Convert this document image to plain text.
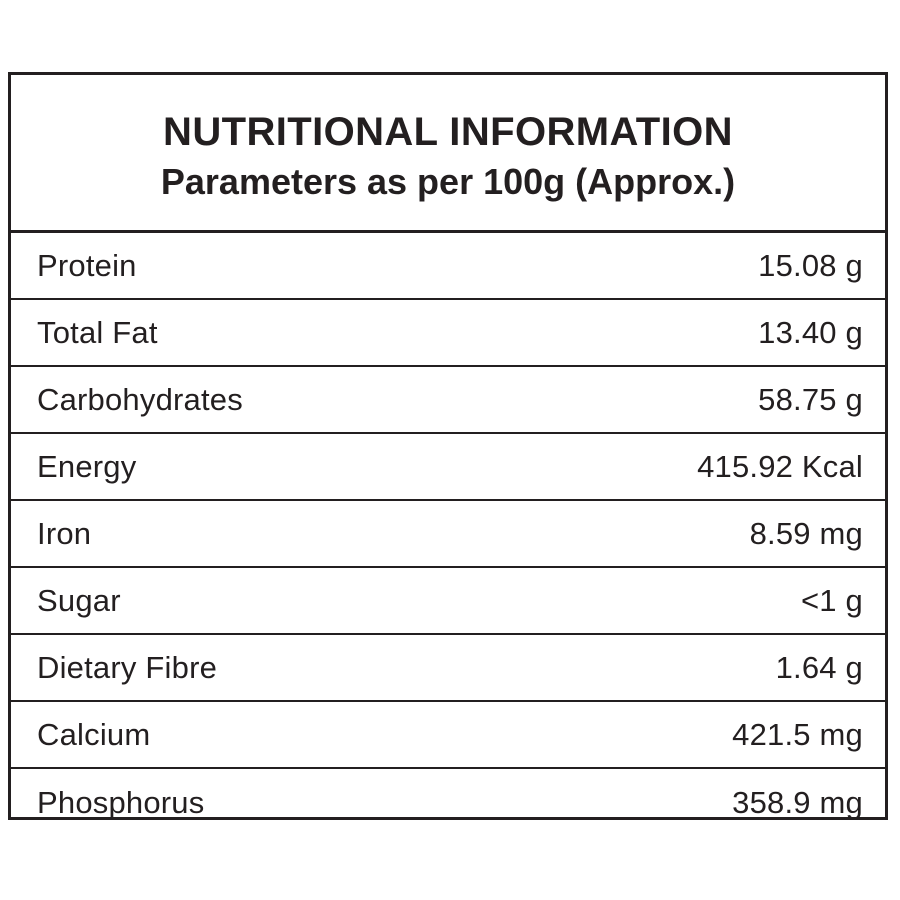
NUTRITIONAL INFORMATION
Parameters as per 100g (Approx.)
Protein	15.08 g
Total Fat	13.40 g
Carbohydrates	58.75 g
Energy	415.92 Kcal
Iron	8.59 mg
Sugar	<1 g
Dietary Fibre	1.64 g
Calcium	421.5 mg
Phosphorus	358.9 mg
